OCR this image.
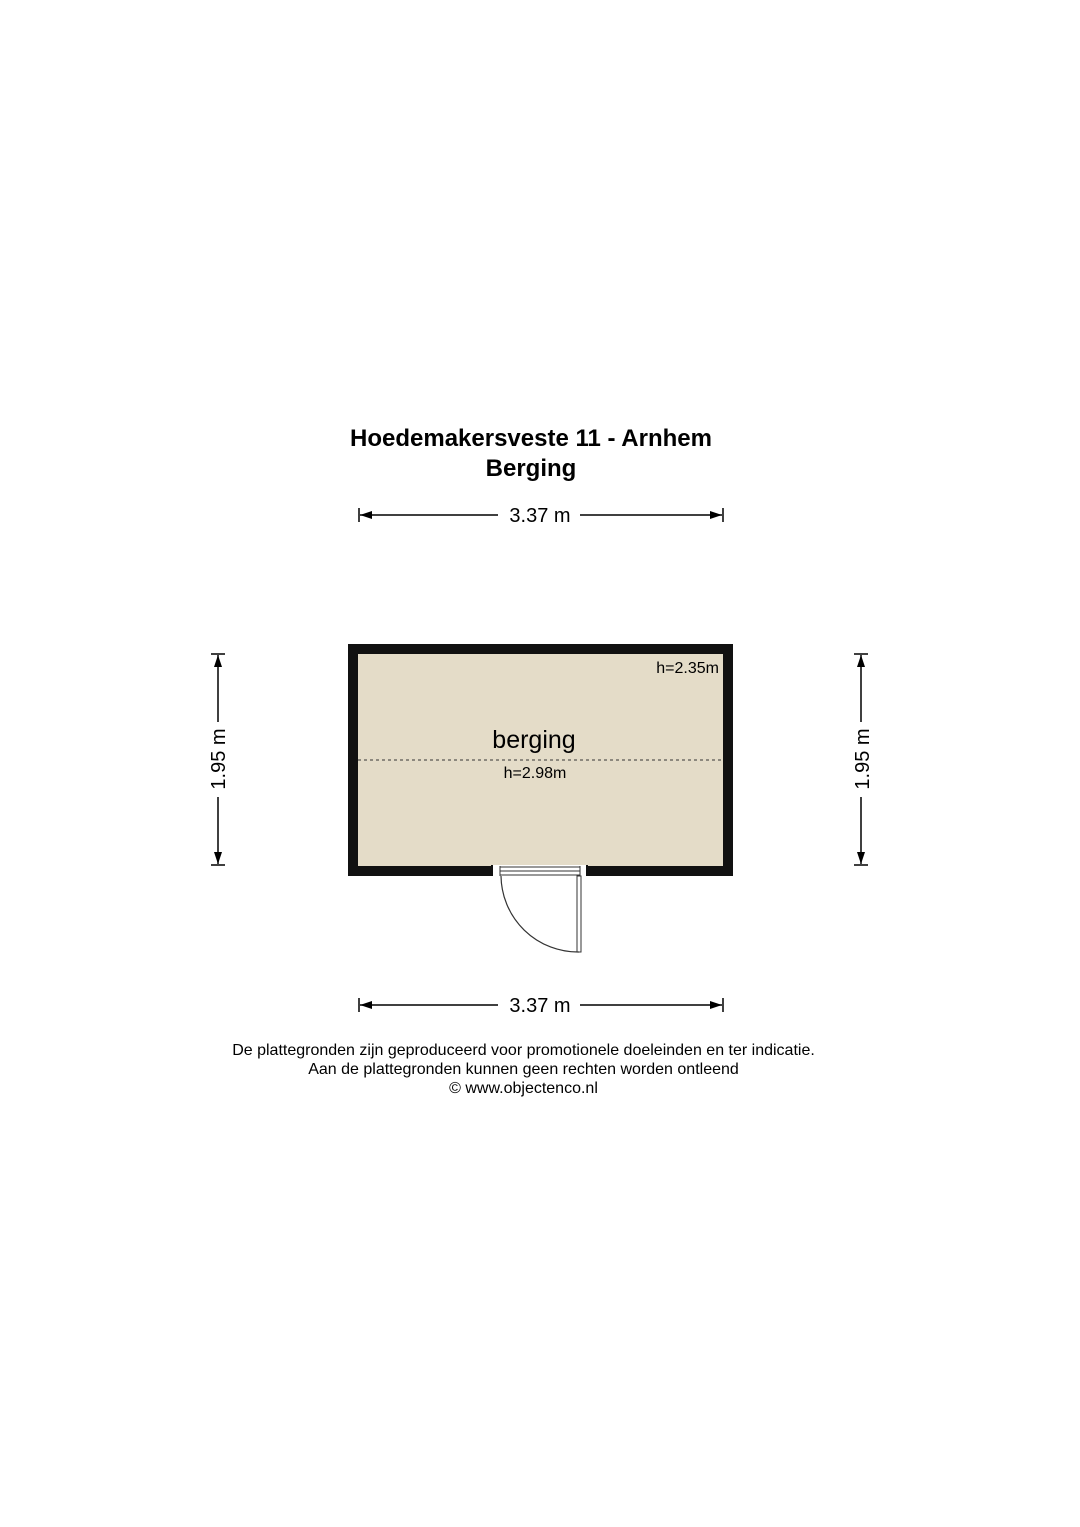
Hoedemakersveste 11 - Arnhem
Berging
3.37 m
1.95 m	1.95 m
berging
h=2.98m
h=2.35m
3.37 m
De plattegronden zijn geproduceerd voor promotionele doeleinden en ter indicatie.
Aan de plattegronden kunnen geen rechten worden ontleend
© www.objectenco.nl
